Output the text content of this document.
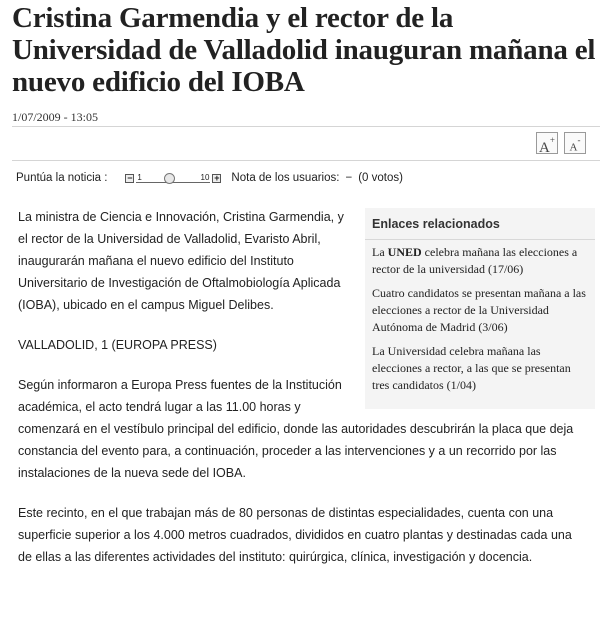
Cristina Garmendia y el rector de la Universidad de Valladolid inauguran mañana el nuevo edificio del IOBA
1/07/2009 - 13:05
A+
A-
Puntúa la noticia : − 1	10 + Nota de los usuarios: − (0 votos)

La ministra de Ciencia e Innovación, Cristina Garmendia, y el rector de la Universidad de Valladolid, Evaristo Abril, inaugurarán mañana el nuevo edificio del Instituto Universitario de Investigación de Oftalmobiología Aplicada (IOBA), ubicado en el campus Miguel Delibes.

VALLADOLID, 1 (EUROPA PRESS)

Según informaron a Europa Press fuentes de la Institución académica, el acto tendrá lugar a las 11.00 horas y comenzará en el vestíbulo principal del edificio, donde las autoridades descubrirán la placa que deja constancia del evento para, a continuación, proceder a las intervenciones y a un recorrido por las instalaciones de la nueva sede del IOBA.

Este recinto, en el que trabajan más de 80 personas de distintas especialidades, cuenta con una superficie superior a los 4.000 metros cuadrados, divididos en cuatro plantas y destinadas cada una de ellas a las diferentes actividades del instituto: quirúrgica, clínica, investigación y docencia.

Enlaces relacionados
La UNED celebra mañana las elecciones a rector de la universidad (17/06)
Cuatro candidatos se presentan mañana a las elecciones a rector de la Universidad Autónoma de Madrid (3/06)
La Universidad celebra mañana las elecciones a rector, a las que se presentan tres candidatos (1/04)
